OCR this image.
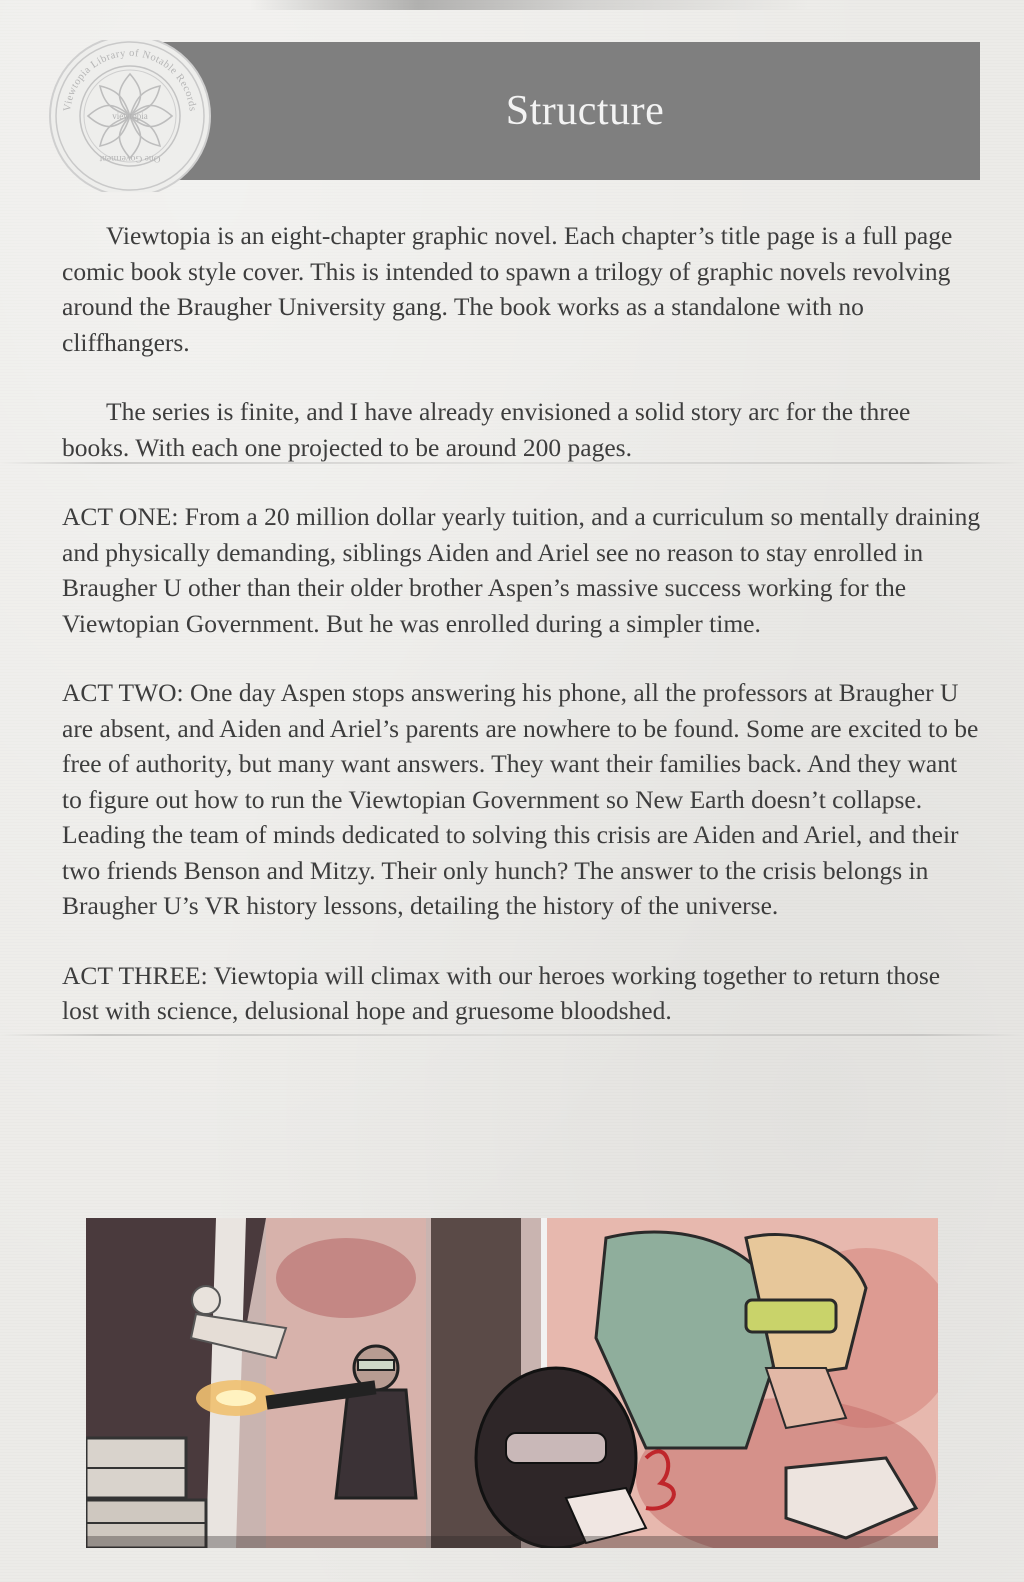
Structure
Viewtopia Library of Notable Records
viewtopia
One Goverment

Viewtopia is an eight-chapter graphic novel. Each chapter’s title page is a full page comic book style cover. This is intended to spawn a trilogy of graphic novels revolving around the Braugher University gang. The book works as a standalone with no cliffhangers.

The series is finite, and I have already envisioned a solid story arc for the three books. With each one projected to be around 200 pages.

ACT ONE: From a 20 million dollar yearly tuition, and a curriculum so mentally draining and physically demanding, siblings Aiden and Ariel see no reason to stay enrolled in Braugher U other than their older brother Aspen’s massive success working for the Viewtopian Government. But he was enrolled during a simpler time.

ACT TWO: One day Aspen stops answering his phone, all the professors at Braugher U are absent, and Aiden and Ariel’s parents are nowhere to be found. Some are excited to be free of authority, but many want answers. They want their families back. And they want to figure out how to run the Viewtopian Government so New Earth doesn’t collapse. Leading the team of minds dedicated to solving this crisis are Aiden and Ariel, and their two friends Benson and Mitzy. Their only hunch? The answer to the crisis belongs in Braugher U’s VR history lessons, detailing the history of the universe.

ACT THREE: Viewtopia will climax with our heroes working together to return those lost with science, delusional hope and gruesome bloodshed.
